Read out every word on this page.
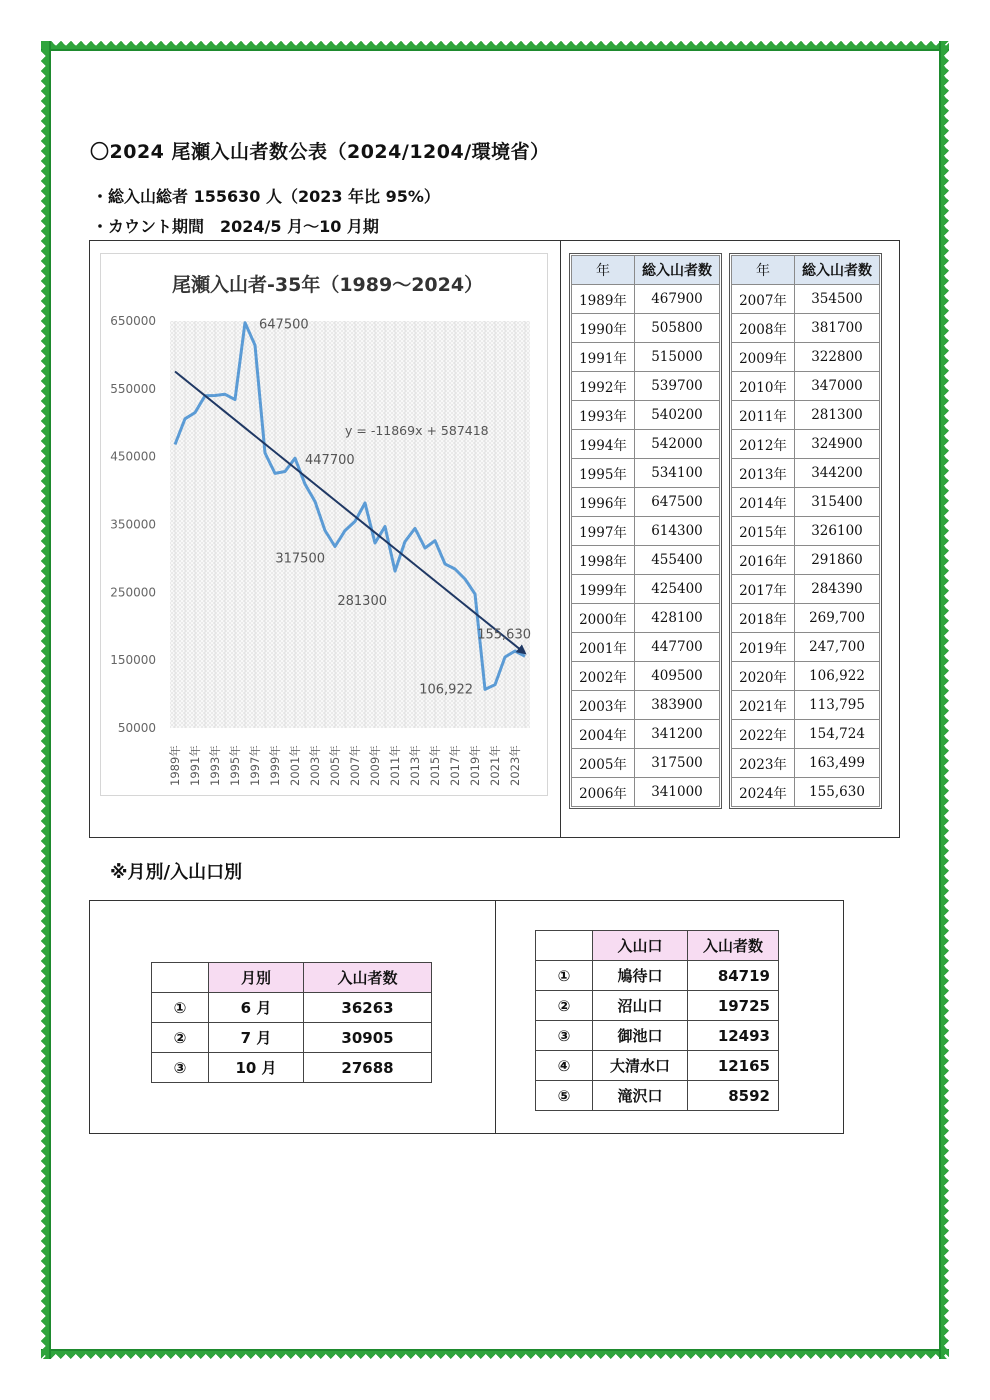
〇2024 尾瀬入山者数公表（2024/1204/環境省）
・総入山総者 155630 人（2023 年比 95%）
・カウント期間　2024/5 月～10 月期
尾瀬入山者-35年（1989～2024）
650000
550000
450000
350000
250000
150000
50000
1989年 1991年 1993年 1995年 1997年 1999年 2001年 2003年 2005年 2007年 2009年 2011年 2013年 2015年 2017年 2019年 2021年 2023年
y = -11869x + 587418
647500
447700
317500
281300
106,922
155,630
年	総入山者数
1989年	467900
1990年	505800
1991年	515000
1992年	539700
1993年	540200
1994年	542000
1995年	534100
1996年	647500
1997年	614300
1998年	455400
1999年	425400
2000年	428100
2001年	447700
2002年	409500
2003年	383900
2004年	341200
2005年	317500
2006年	341000
年	総入山者数
2007年	354500
2008年	381700
2009年	322800
2010年	347000
2011年	281300
2012年	324900
2013年	344200
2014年	315400
2015年	326100
2016年	291860
2017年	284390
2018年	269,700
2019年	247,700
2020年	106,922
2021年	113,795
2022年	154,724
2023年	163,499
2024年	155,630
※月別/入山口別
	月別	入山者数
①	6 月	36263
②	7 月	30905
③	10 月	27688
	入山口	入山者数
①	鳩待口	84719
②	沼山口	19725
③	御池口	12493
④	大清水口	12165
⑤	滝沢口	8592
